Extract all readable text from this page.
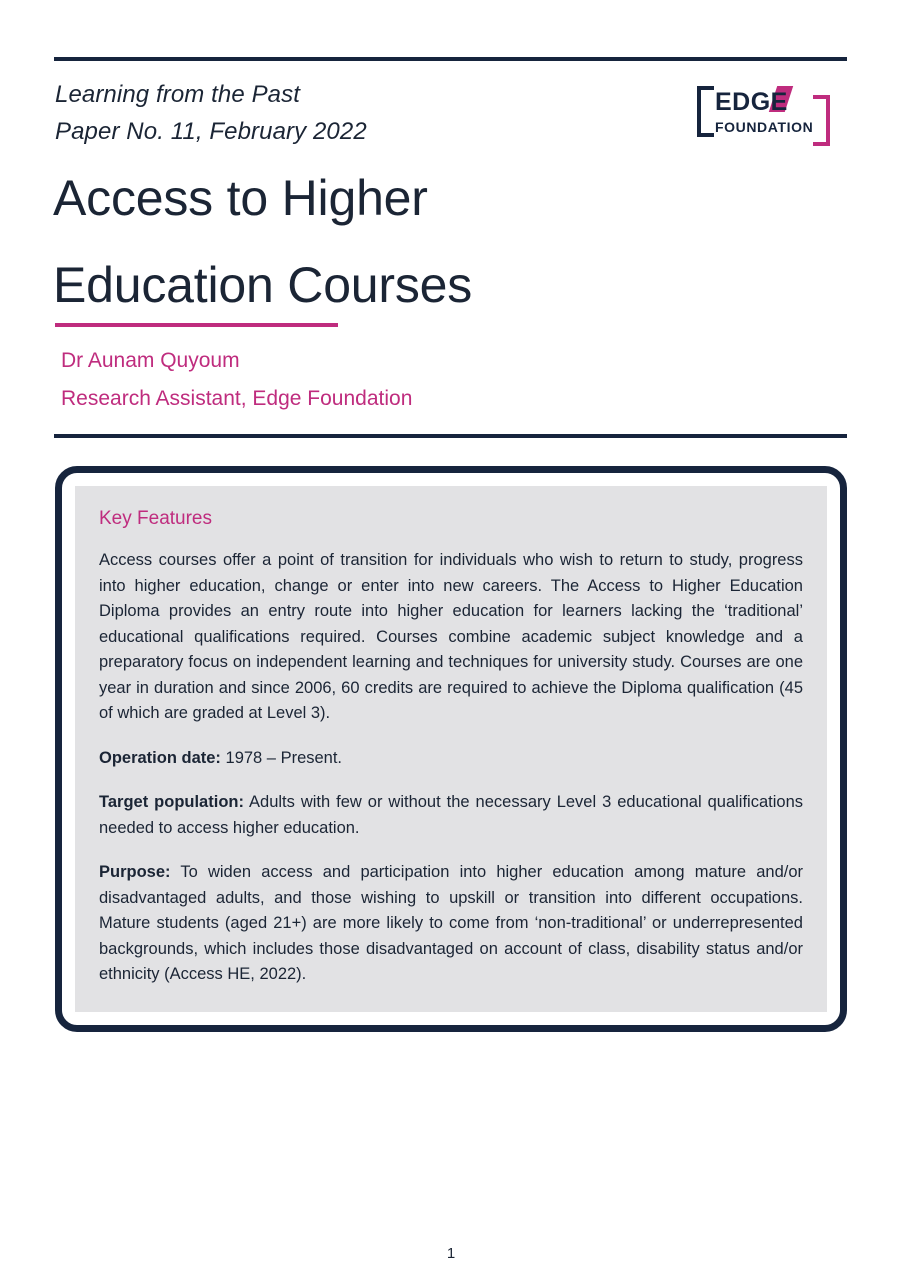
Learning from the Past
Paper No. 11, February 2022
Access to Higher Education Courses
Dr Aunam Quyoum
Research Assistant, Edge Foundation
EDGE
FOUNDATION
Key Features

Access courses offer a point of transition for individuals who wish to return to study, progress into higher education, change or enter into new careers. The Access to Higher Education Diploma provides an entry route into higher education for learners lacking the ‘traditional’ educational qualifications required. Courses combine academic subject knowledge and a preparatory focus on independent learning and techniques for university study. Courses are one year in duration and since 2006, 60 credits are required to achieve the Diploma qualification (45 of which are graded at Level 3).

Operation date: 1978 – Present.

Target population: Adults with few or without the necessary Level 3 educational qualifications needed to access higher education.

Purpose: To widen access and participation into higher education among mature and/or disadvantaged adults, and those wishing to upskill or transition into different occupations. Mature students (aged 21+) are more likely to come from ‘non-traditional’ or underrepresented backgrounds, which includes those disadvantaged on account of class, disability status and/or ethnicity (Access HE, 2022).

1
